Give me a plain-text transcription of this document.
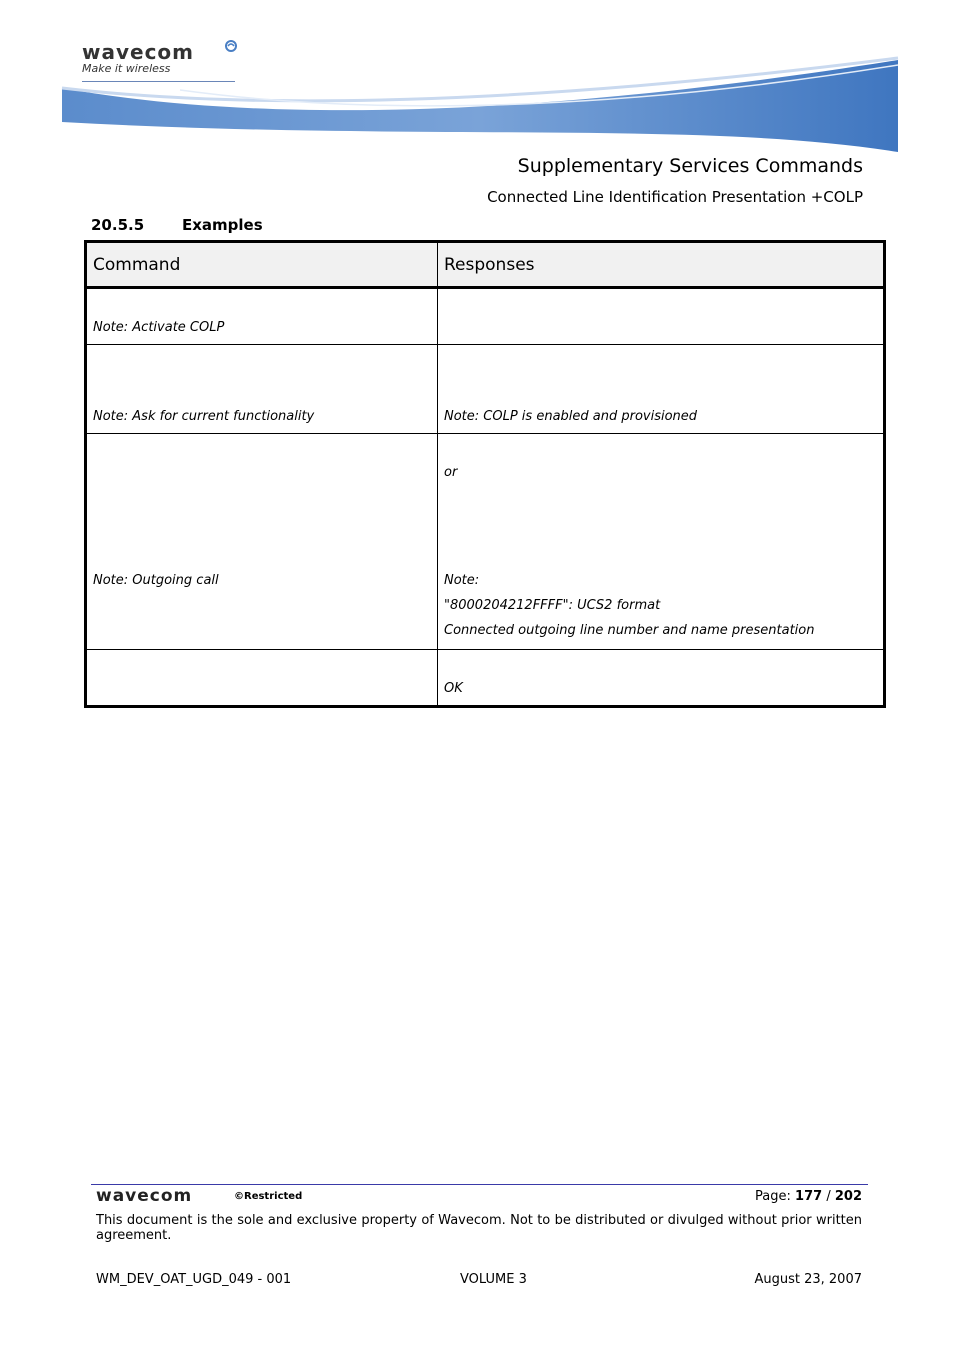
wavecom
Make it wireless
Supplementary Services Commands
Connected Line Identification Presentation +COLP
20.5.5	Examples
Command	Responses

Note: Activate COLP	

Note: Ask for current functionality	Note: COLP is enabled and provisioned

Note: Outgoing call	or
Note:
"8000204212FFFF": UCS2 format
Connected outgoing line number and name presentation

	OK
wavecom	©Restricted	Page: 177 / 202
This document is the sole and exclusive property of Wavecom. Not to be distributed or divulged without prior written agreement.
WM_DEV_OAT_UGD_049 - 001	VOLUME 3	August 23, 2007
